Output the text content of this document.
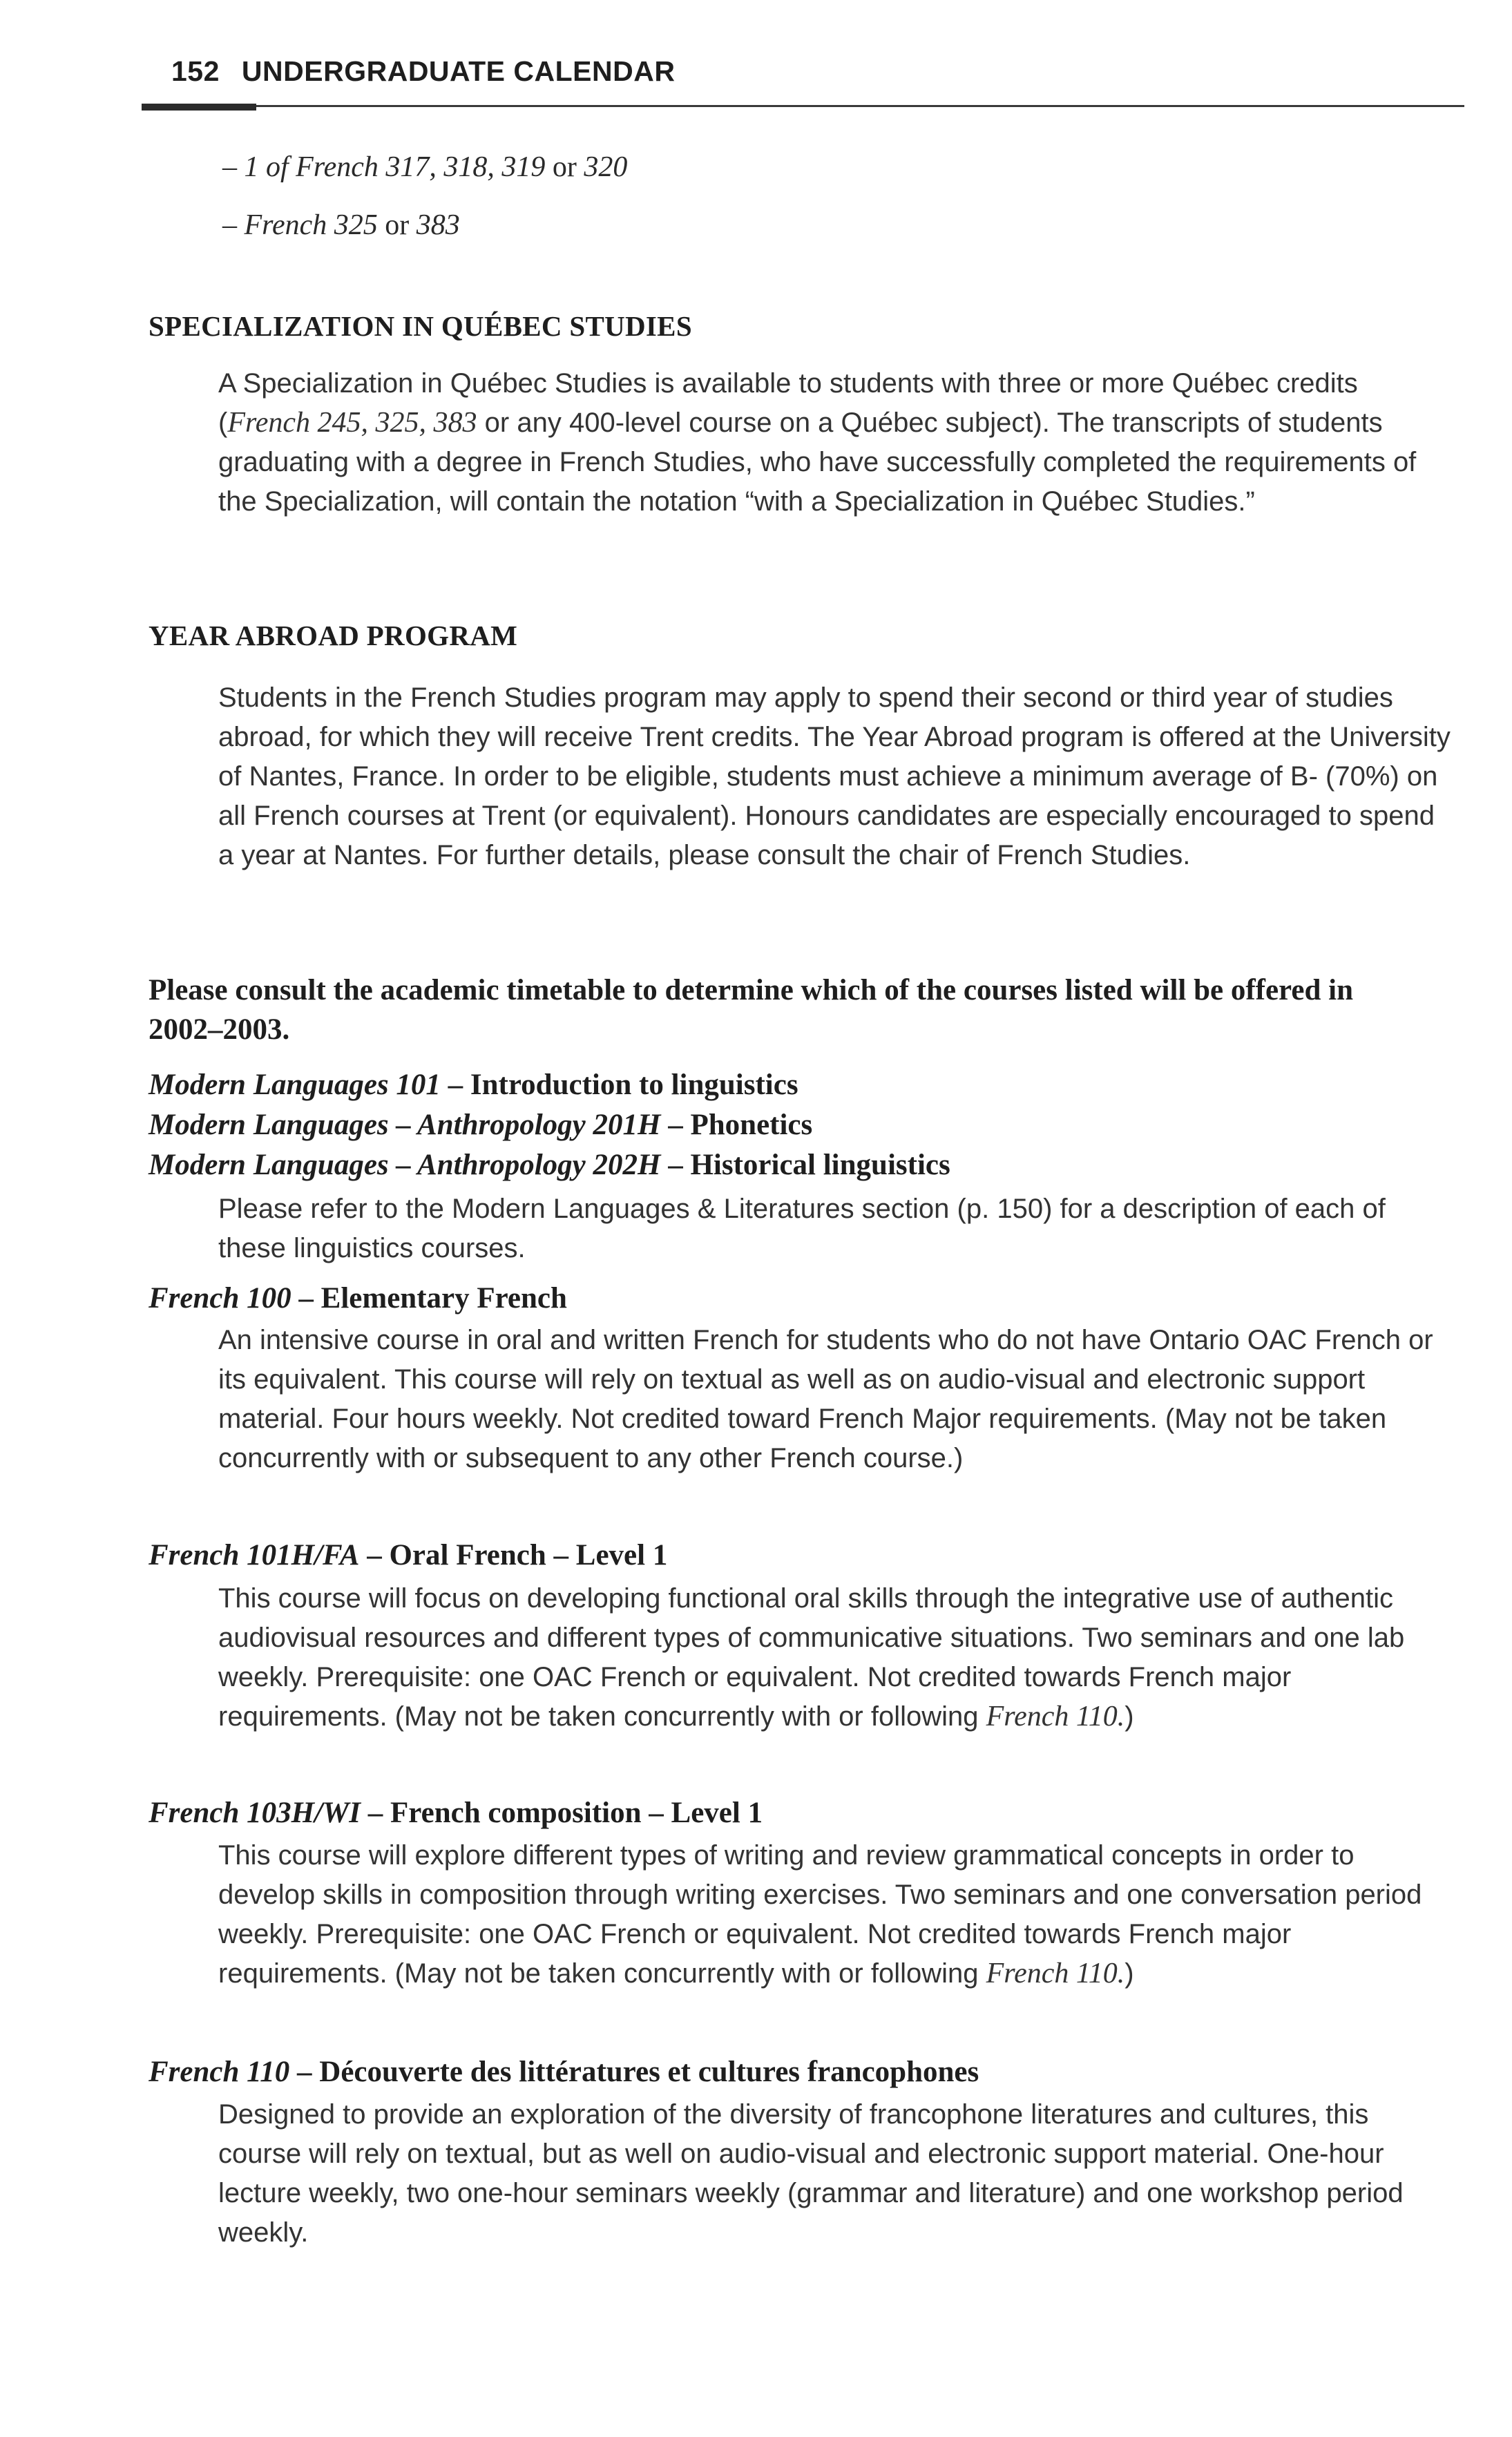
152 UNDERGRADUATE CALENDAR
– 1 of French 317, 318, 319 or 320
– French 325 or 383
SPECIALIZATION IN QUÉBEC STUDIES
A Specialization in Québec Studies is available to students with three or more Québec credits (French 245, 325, 383 or any 400-level course on a Québec subject). The transcripts of students graduating with a degree in French Studies, who have successfully completed the requirements of the Specialization, will contain the notation “with a Specialization in Québec Studies.”
YEAR ABROAD PROGRAM
Students in the French Studies program may apply to spend their second or third year of studies abroad, for which they will receive Trent credits. The Year Abroad program is offered at the University of Nantes, France. In order to be eligible, students must achieve a minimum average of B- (70%) on all French courses at Trent (or equivalent). Honours candidates are especially encouraged to spend a year at Nantes. For further details, please consult the chair of French Studies.
Please consult the academic timetable to determine which of the courses listed will be offered in 2002–2003.
Modern Languages 101 – Introduction to linguistics
Modern Languages – Anthropology 201H – Phonetics
Modern Languages – Anthropology 202H – Historical linguistics
Please refer to the Modern Languages & Literatures section (p. 150) for a description of each of these linguistics courses.
French 100 – Elementary French
An intensive course in oral and written French for students who do not have Ontario OAC French or its equivalent. This course will rely on textual as well as on audio-visual and electronic support material. Four hours weekly. Not credited toward French Major requirements. (May not be taken concurrently with or subsequent to any other French course.)
French 101H/FA – Oral French – Level 1
This course will focus on developing functional oral skills through the integrative use of authentic audiovisual resources and different types of communicative situations. Two seminars and one lab weekly. Prerequisite: one OAC French or equivalent. Not credited towards French major requirements. (May not be taken concurrently with or following French 110.)
French 103H/WI – French composition – Level 1
This course will explore different types of writing and review grammatical concepts in order to develop skills in composition through writing exercises. Two seminars and one conversation period weekly. Prerequisite: one OAC French or equivalent. Not credited towards French major requirements. (May not be taken concurrently with or following French 110.)
French 110 – Découverte des littératures et cultures francophones
Designed to provide an exploration of the diversity of francophone literatures and cultures, this course will rely on textual, but as well on audio-visual and electronic support material. One-hour lecture weekly, two one-hour seminars weekly (grammar and literature) and one workshop period weekly.
